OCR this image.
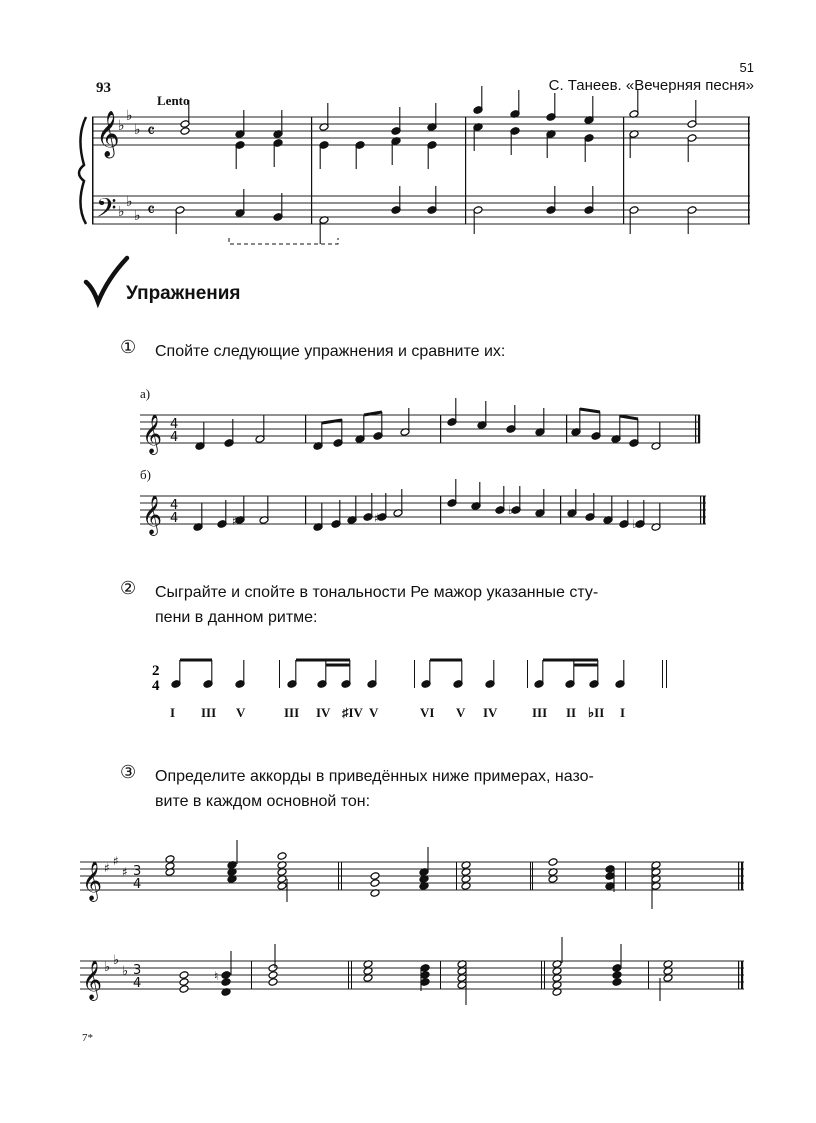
51
93
Lento
С. Танеев. «Вечерняя песня»
Упражнения
① Спойте следующие упражнения и сравните их:
а)
б)
② Сыграйте и спойте в тональности Ре мажор указанные сту-
пени в данном ритме:
③ Определите аккорды в приведённых ниже примерах, назо-
вите в каждом основной тон:
I III V	III IV ♯IV V	VI V IV	III II ♭II I
7*
2
4
𝄞
𝄢
♭
♭
♭
♭
♭
♭
𝄴
𝄴
𝄞 4
4
𝄞 4
4	♯	♯
♭
♭
𝄞 ♯ ♯
♯ 3
4
𝄞 ♭ ♭
♭ 3
4	♮
